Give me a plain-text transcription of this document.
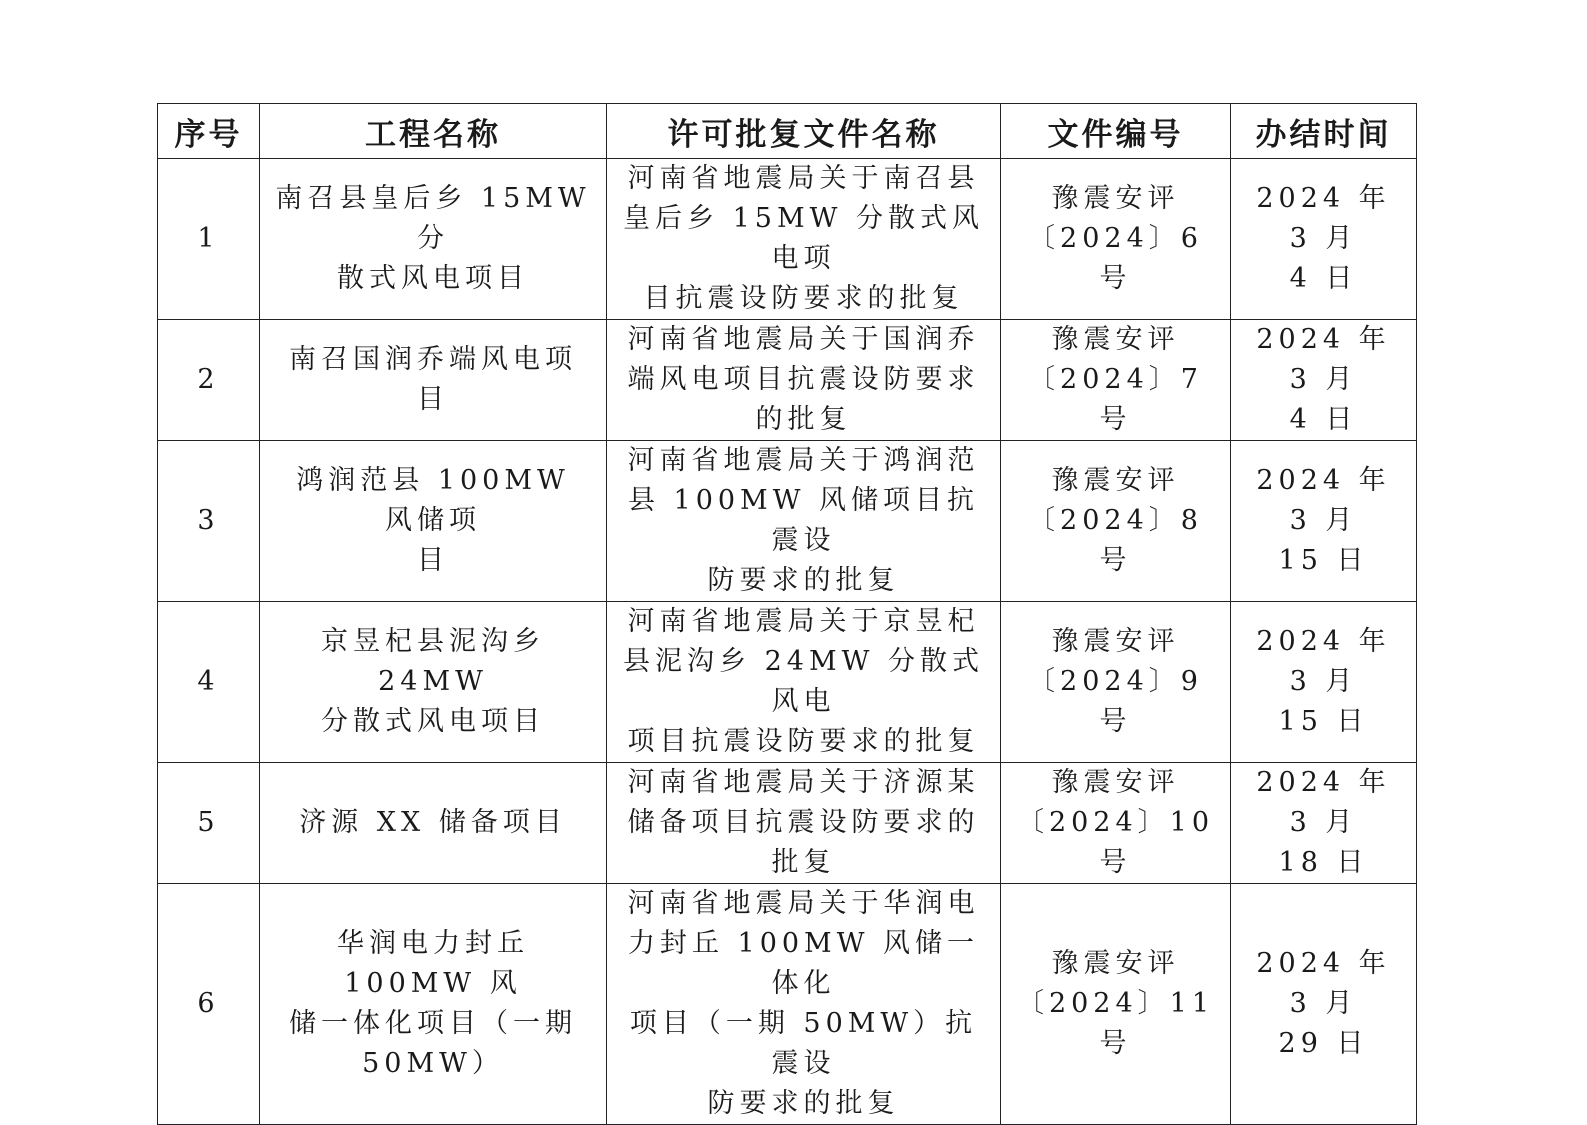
序号	工程名称	许可批复文件名称	文件编号	办结时间

1	南召县皇后乡 15MW 分
散式风电项目	河南省地震局关于南召县
皇后乡 15MW 分散式风电项
目抗震设防要求的批复	豫震安评
〔2024〕6 号	2024 年 3 月
4 日

2	南召国润乔端风电项目	河南省地震局关于国润乔
端风电项目抗震设防要求
的批复	豫震安评
〔2024〕7 号	2024 年 3 月
4 日

3	鸿润范县 100MW 风储项
目	河南省地震局关于鸿润范
县 100MW 风储项目抗震设
防要求的批复	豫震安评
〔2024〕8 号	2024 年 3 月
15 日

4	京昱杞县泥沟乡 24MW
分散式风电项目	河南省地震局关于京昱杞
县泥沟乡 24MW 分散式风电
项目抗震设防要求的批复	豫震安评
〔2024〕9 号	2024 年 3 月
15 日

5	济源 XX 储备项目	河南省地震局关于济源某
储备项目抗震设防要求的
批复	豫震安评
〔2024〕10 号	2024 年 3 月
18 日

6	华润电力封丘 100MW 风
储一体化项目（一期
50MW）	河南省地震局关于华润电
力封丘 100MW 风储一体化
项目（一期 50MW）抗震设
防要求的批复	豫震安评
〔2024〕11 号	2024 年 3 月
29 日
